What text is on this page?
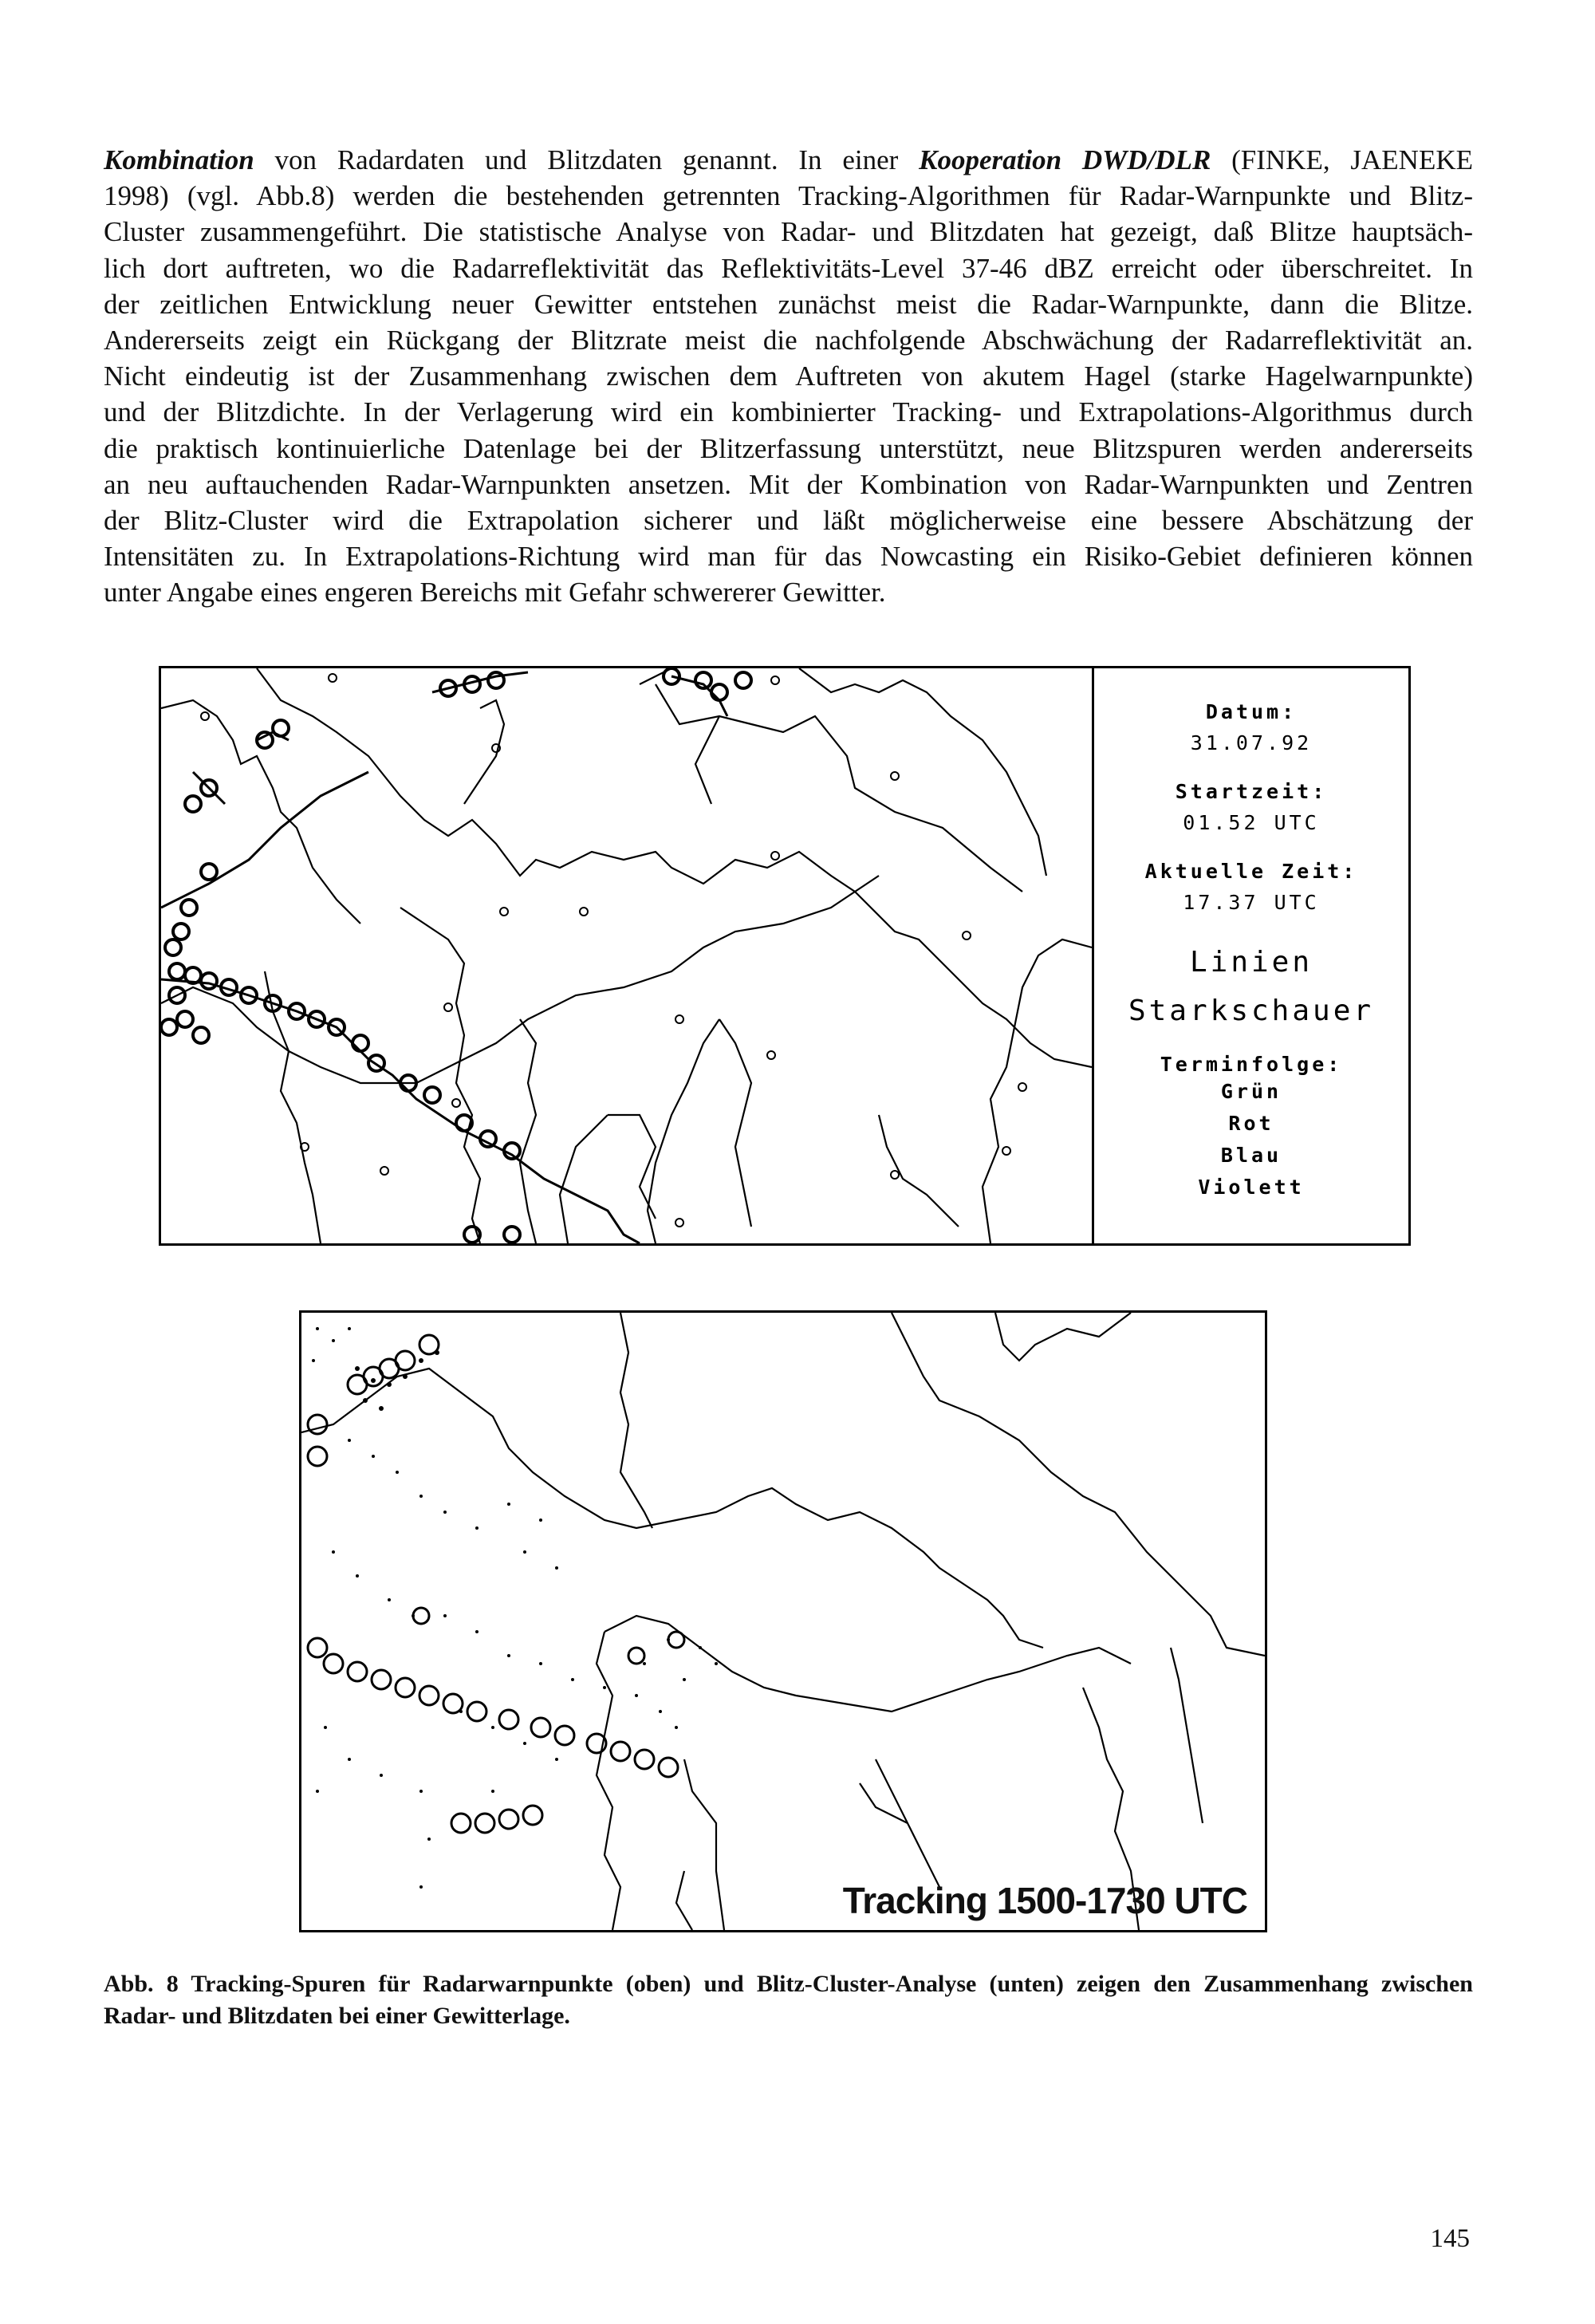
Kombination von Radardaten und Blitzdaten genannt. In einer Kooperation DWD/DLR (FINKE, JAENEKE
1998) (vgl. Abb.8) werden die bestehenden getrennten Tracking-Algorithmen für Radar-Warnpunkte und Blitz-
Cluster zusammengeführt. Die statistische Analyse von Radar- und Blitzdaten hat gezeigt, daß Blitze hauptsäch-
lich dort auftreten, wo die Radarreflektivität das Reflektivitäts-Level 37-46 dBZ erreicht oder überschreitet. In
der zeitlichen Entwicklung neuer Gewitter entstehen zunächst meist die Radar-Warnpunkte, dann die Blitze.
Andererseits zeigt ein Rückgang der Blitzrate meist die nachfolgende Abschwächung der Radarreflektivität an.
Nicht eindeutig ist der Zusammenhang zwischen dem Auftreten von akutem Hagel (starke Hagelwarnpunkte)
und der Blitzdichte. In der Verlagerung wird ein kombinierter Tracking- und Extrapolations-Algorithmus durch
die praktisch kontinuierliche Datenlage bei der Blitzerfassung unterstützt, neue Blitzspuren werden andererseits
an neu auftauchenden Radar-Warnpunkten ansetzen. Mit der Kombination von Radar-Warnpunkten und Zentren
der Blitz-Cluster wird die Extrapolation sicherer und läßt möglicherweise eine bessere Abschätzung der
Intensitäten zu. In Extrapolations-Richtung wird man für das Nowcasting ein Risiko-Gebiet definieren können
unter Angabe eines engeren Bereichs mit Gefahr schwererer Gewitter.
Datum:
31.07.92
Startzeit:
01.52 UTC
Aktuelle Zeit:
17.37 UTC
Linien
Starkschauer
Terminfolge:
Grün
Rot
Blau
Violett
Tracking 1500-1730 UTC
Abb. 8 Tracking-Spuren für Radarwarnpunkte (oben) und Blitz-Cluster-Analyse (unten) zeigen den Zusammenhang zwischen
Radar- und Blitzdaten bei einer Gewitterlage.
145
